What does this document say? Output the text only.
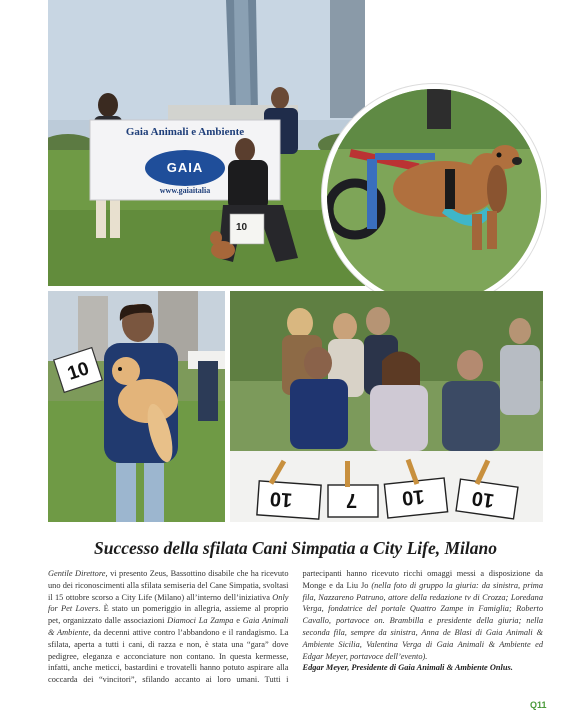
Gaia Animali e Ambiente
GAIA
www.gaiaitalia
10
10
10	7 10 10
Successo della sfilata Cani Simpatia a City Life, Milano

Gentile Direttore, vi presento Zeus, Bassottino disabile che ha ricevuto uno dei riconoscimenti alla sfilata semiseria del Cane Simpatia, svoltasi il 15 ottobre scorso a City Life (Milano) all’interno dell’iniziativa Only for Pet Lovers. È stato un pomeriggio in allegria, assieme al proprio pet, organizzato dalle associazioni Diamoci La Zampa e Gaia Animali & Ambiente, da decenni attive contro l’abbandono e il randagismo. La sfilata, aperta a tutti i cani, di razza e non, è stata una “gara” dove pedigree, eleganza e acconciature non contano. In questa kermesse, infatti, anche meticci, bastardini e trovatelli hanno potuto aspirare alla coccarda dei “vincitori”, sfilando accanto ai loro umani. Tutti i partecipanti hanno ricevuto ricchi omaggi messi a disposizione da Monge e da Liu Jo (nella foto di gruppo la giuria: da sinistra, prima fila, Nazzareno Patruno, attore della redazione tv di Crozza; Loredana Verga, fondatrice del portale Quattro Zampe in Famiglia; Roberto Cavallo, portavoce on. Brambilla e presidente della giuria; nella seconda fila, sempre da sinistra, Anna de Blasi di Gaia Animali & Ambiente Sicilia, Valentina Verga di Gaia Animali & Ambiente ed Edgar Meyer, portavoce dell’evento).

Edgar Meyer, Presidente di Gaia Animali & Ambiente Onlus.

Q11
